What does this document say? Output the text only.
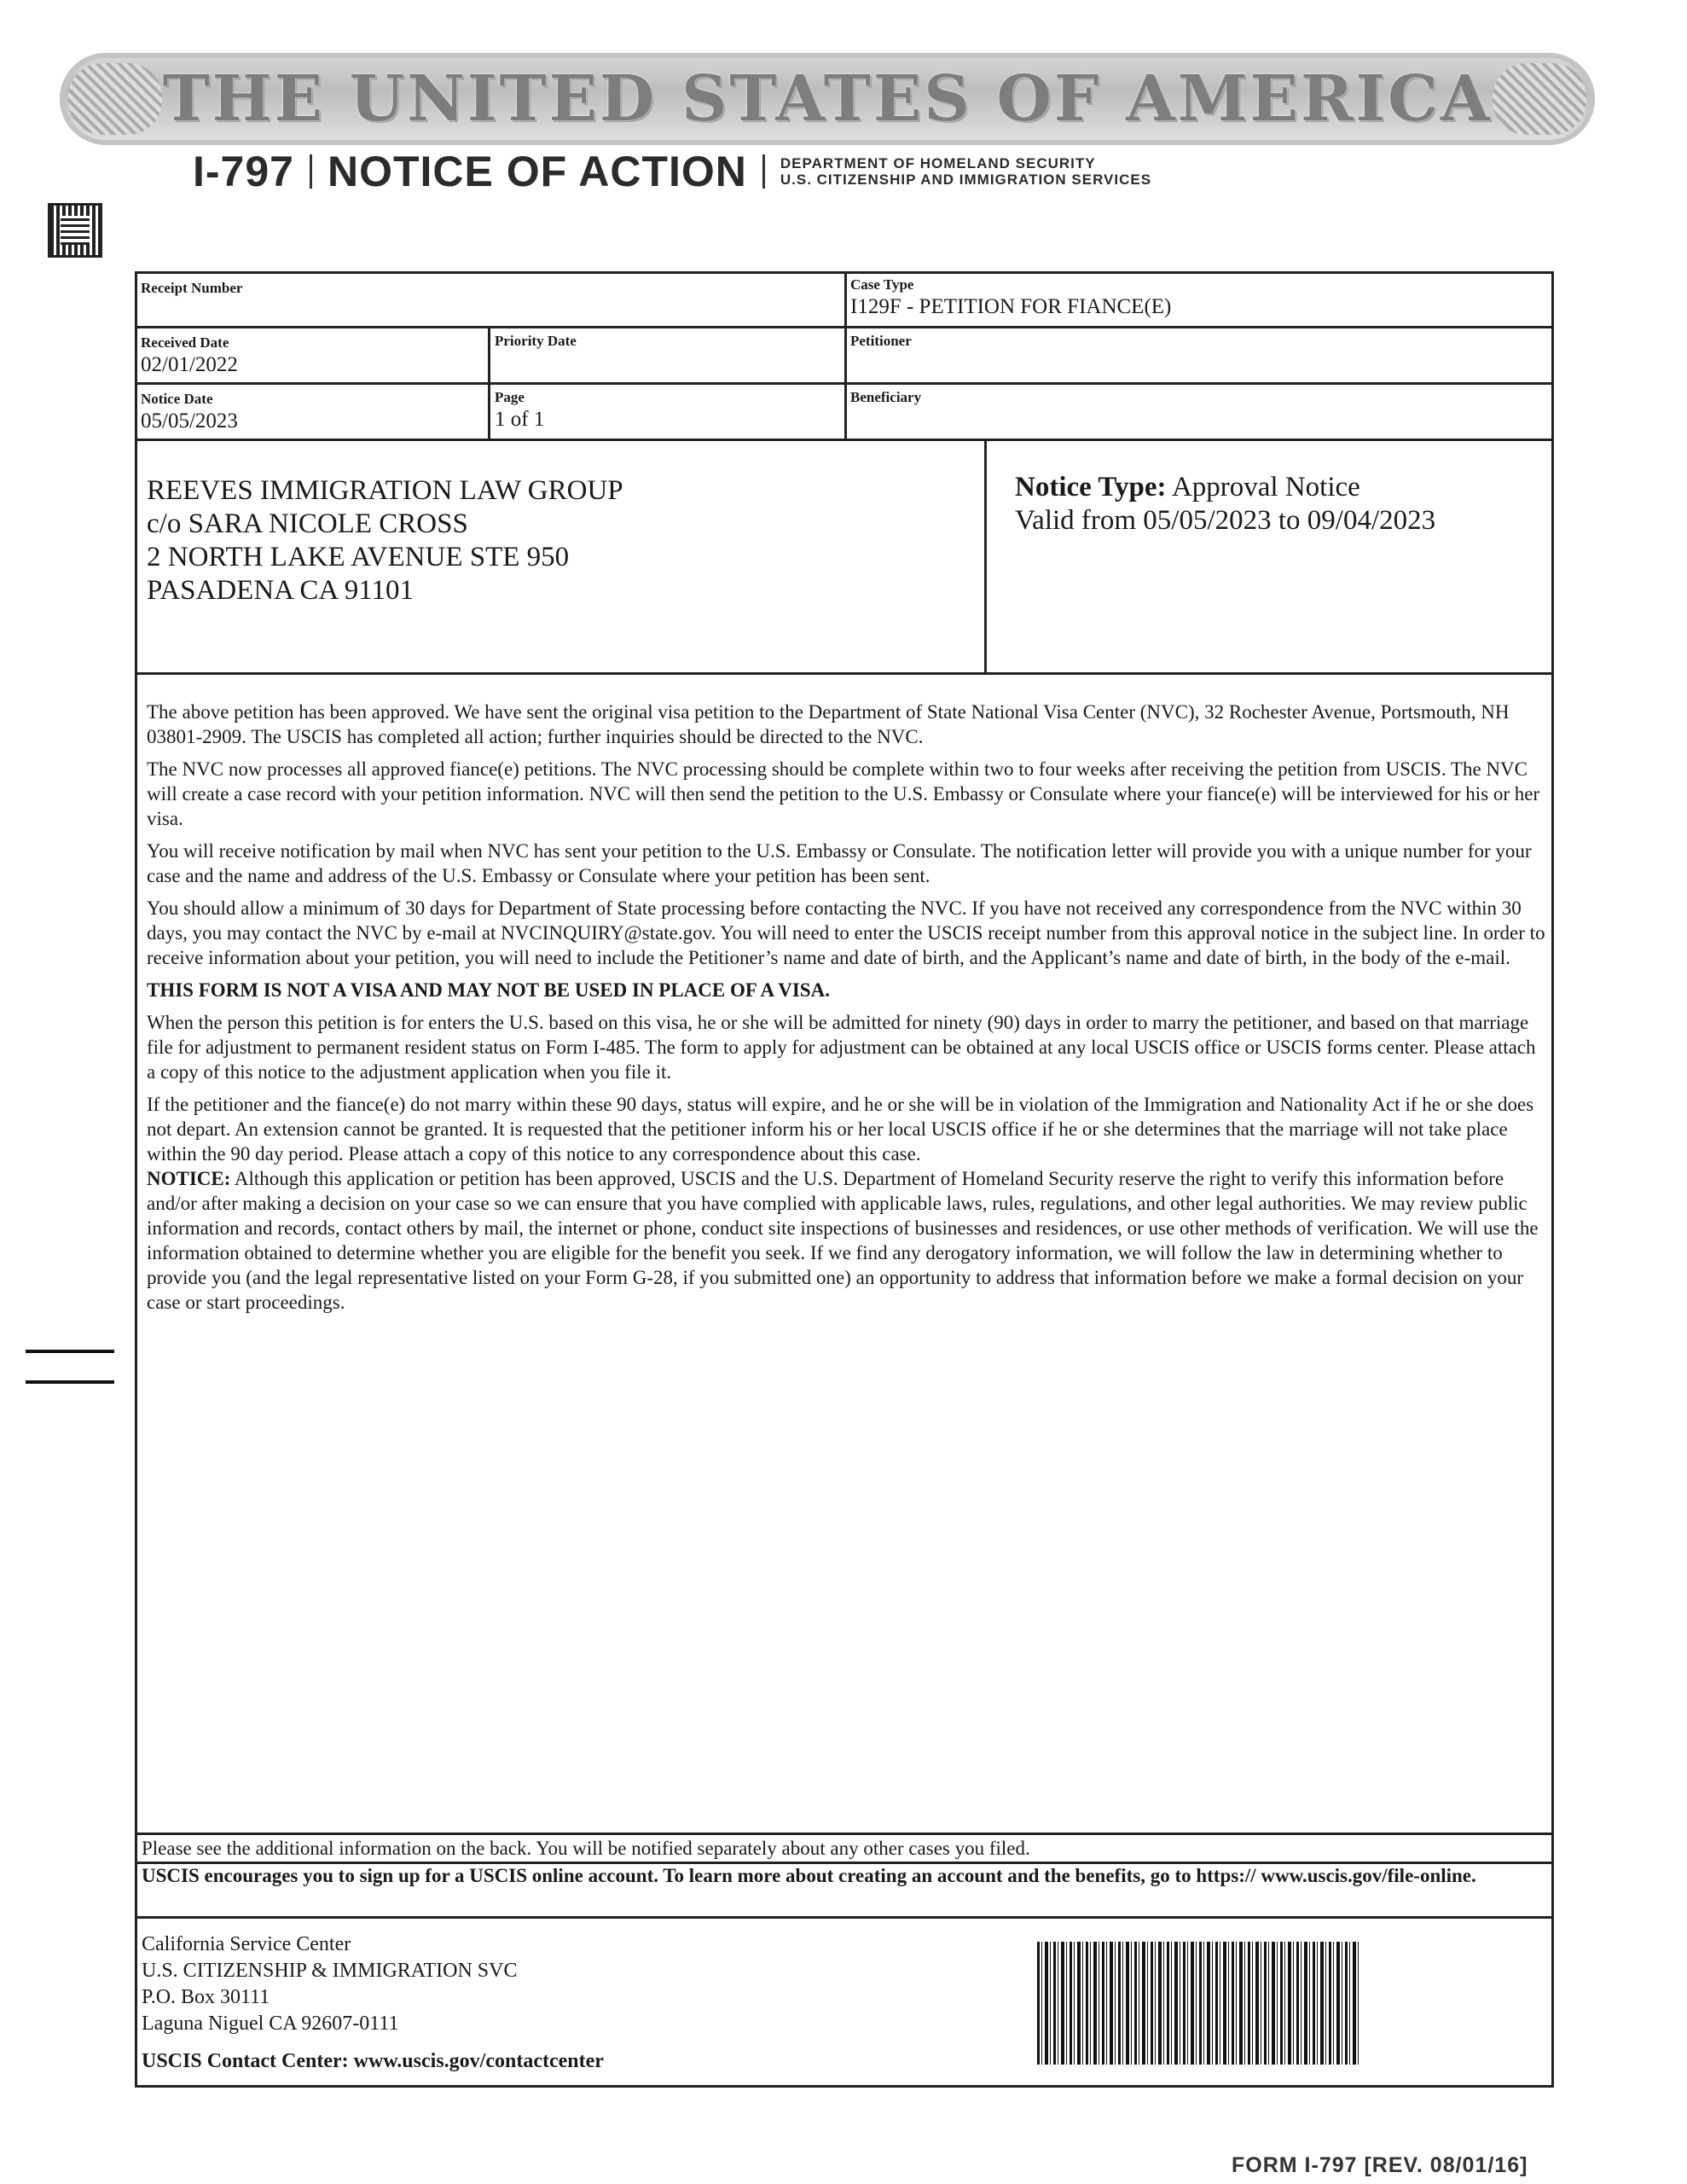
THE UNITED STATES OF AMERICA
I-797 NOTICE OF ACTION DEPARTMENT OF HOMELAND SECURITY
U.S. CITIZENSHIP AND IMMIGRATION SERVICES
Receipt Number	Case Type
I129F - PETITION FOR FIANCE(E)
Received Date
02/01/2022
Priority Date	Petitioner
Notice Date
05/05/2023
Page
1 of 1
Beneficiary
REEVES IMMIGRATION LAW GROUP
c/o SARA NICOLE CROSS
2 NORTH LAKE AVENUE STE 950
PASADENA CA 91101
Notice Type: Approval Notice
Valid from 05/05/2023 to 09/04/2023

The above petition has been approved. We have sent the original visa petition to the Department of State National Visa Center (NVC), 32 Rochester Avenue, Portsmouth, NH 03801-2909. The USCIS has completed all action; further inquiries should be directed to the NVC.

The NVC now processes all approved fiance(e) petitions. The NVC processing should be complete within two to four weeks after receiving the petition from USCIS. The NVC will create a case record with your petition information. NVC will then send the petition to the U.S. Embassy or Consulate where your fiance(e) will be interviewed for his or her visa.

You will receive notification by mail when NVC has sent your petition to the U.S. Embassy or Consulate. The notification letter will provide you with a unique number for your case and the name and address of the U.S. Embassy or Consulate where your petition has been sent.

You should allow a minimum of 30 days for Department of State processing before contacting the NVC. If you have not received any correspondence from the NVC within 30 days, you may contact the NVC by e-mail at NVCINQUIRY@state.gov. You will need to enter the USCIS receipt number from this approval notice in the subject line. In order to receive information about your petition, you will need to include the Petitioner’s name and date of birth, and the Applicant’s name and date of birth, in the body of the e-mail.

THIS FORM IS NOT A VISA AND MAY NOT BE USED IN PLACE OF A VISA.

When the person this petition is for enters the U.S. based on this visa, he or she will be admitted for ninety (90) days in order to marry the petitioner, and based on that marriage file for adjustment to permanent resident status on Form I-485. The form to apply for adjustment can be obtained at any local USCIS office or USCIS forms center. Please attach a copy of this notice to the adjustment application when you file it.

If the petitioner and the fiance(e) do not marry within these 90 days, status will expire, and he or she will be in violation of the Immigration and Nationality Act if he or she does not depart. An extension cannot be granted. It is requested that the petitioner inform his or her local USCIS office if he or she determines that the marriage will not take place within the 90 day period. Please attach a copy of this notice to any correspondence about this case.

NOTICE: Although this application or petition has been approved, USCIS and the U.S. Department of Homeland Security reserve the right to verify this information before and/or after making a decision on your case so we can ensure that you have complied with applicable laws, rules, regulations, and other legal authorities. We may review public information and records, contact others by mail, the internet or phone, conduct site inspections of businesses and residences, or use other methods of verification. We will use the information obtained to determine whether you are eligible for the benefit you seek. If we find any derogatory information, we will follow the law in determining whether to provide you (and the legal representative listed on your Form G-28, if you submitted one) an opportunity to address that information before we make a formal decision on your case or start proceedings.

Please see the additional information on the back. You will be notified separately about any other cases you filed.
USCIS encourages you to sign up for a USCIS online account. To learn more about creating an account and the benefits, go to https:// www.uscis.gov/file-online.
California Service Center
U.S. CITIZENSHIP & IMMIGRATION SVC
P.O. Box 30111
Laguna Niguel CA 92607-0111
USCIS Contact Center: www.uscis.gov/contactcenter
FORM I-797 [REV. 08/01/16]
